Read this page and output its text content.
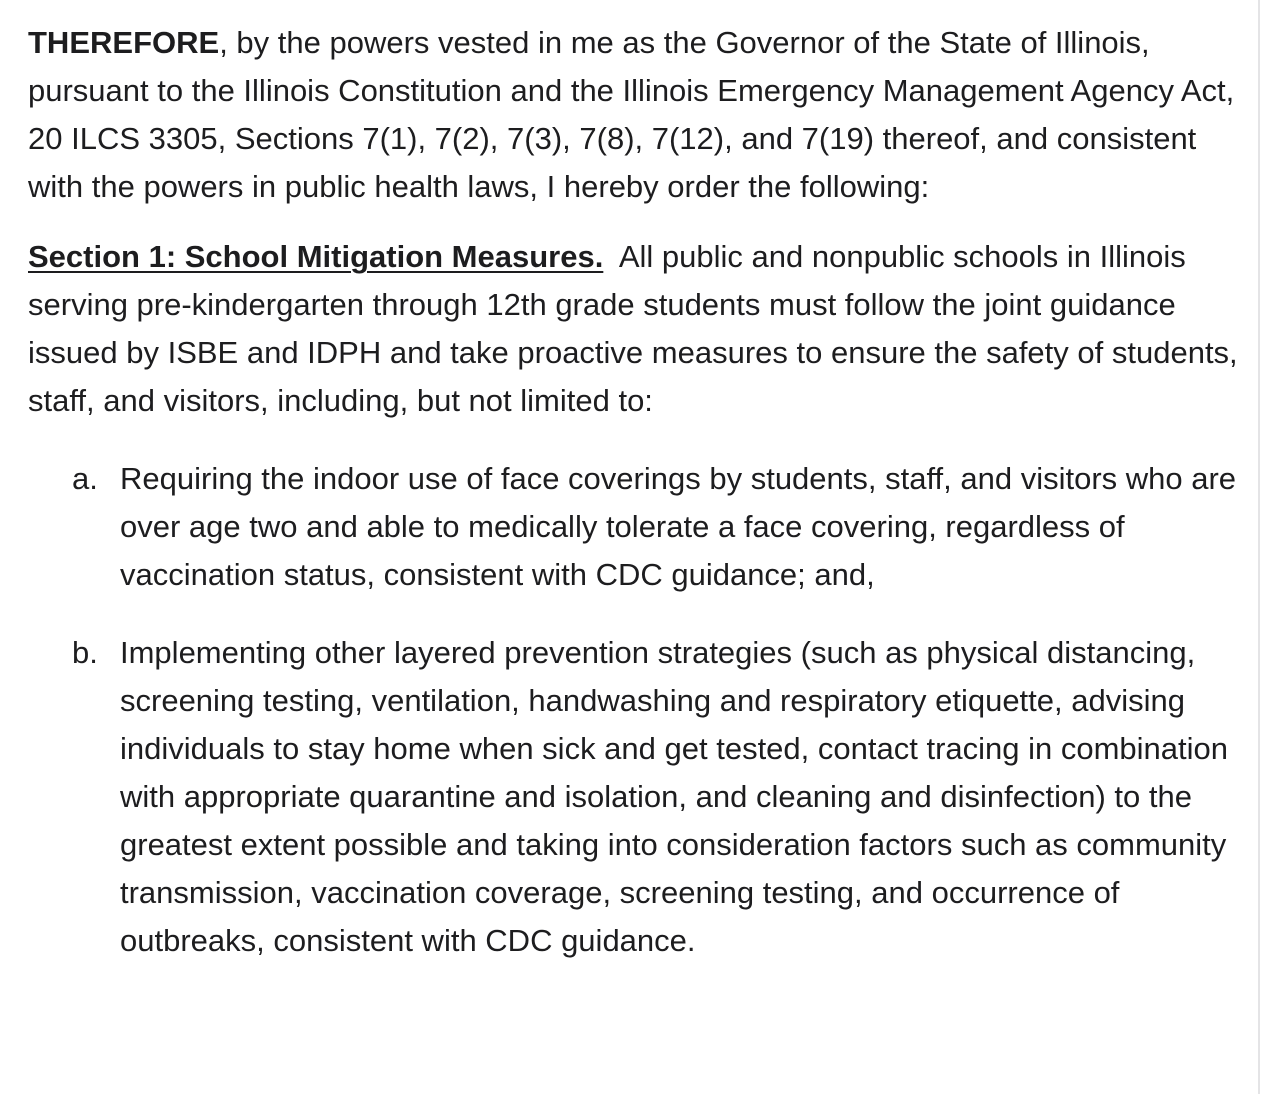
THEREFORE, by the powers vested in me as the Governor of the State of Illinois, pursuant to the Illinois Constitution and the Illinois Emergency Management Agency Act, 20 ILCS 3305, Sections 7(1), 7(2), 7(3), 7(8), 7(12), and 7(19) thereof, and consistent with the powers in public health laws, I hereby order the following:

Section 1: School Mitigation Measures. All public and nonpublic schools in Illinois serving pre-kindergarten through 12th grade students must follow the joint guidance issued by ISBE and IDPH and take proactive measures to ensure the safety of students, staff, and visitors, including, but not limited to:

a. Requiring the indoor use of face coverings by students, staff, and visitors who are over age two and able to medically tolerate a face covering, regardless of vaccination status, consistent with CDC guidance; and,
b. Implementing other layered prevention strategies (such as physical distancing, screening testing, ventilation, handwashing and respiratory etiquette, advising individuals to stay home when sick and get tested, contact tracing in combination with appropriate quarantine and isolation, and cleaning and disinfection) to the greatest extent possible and taking into consideration factors such as community transmission, vaccination coverage, screening testing, and occurrence of outbreaks, consistent with CDC guidance.
